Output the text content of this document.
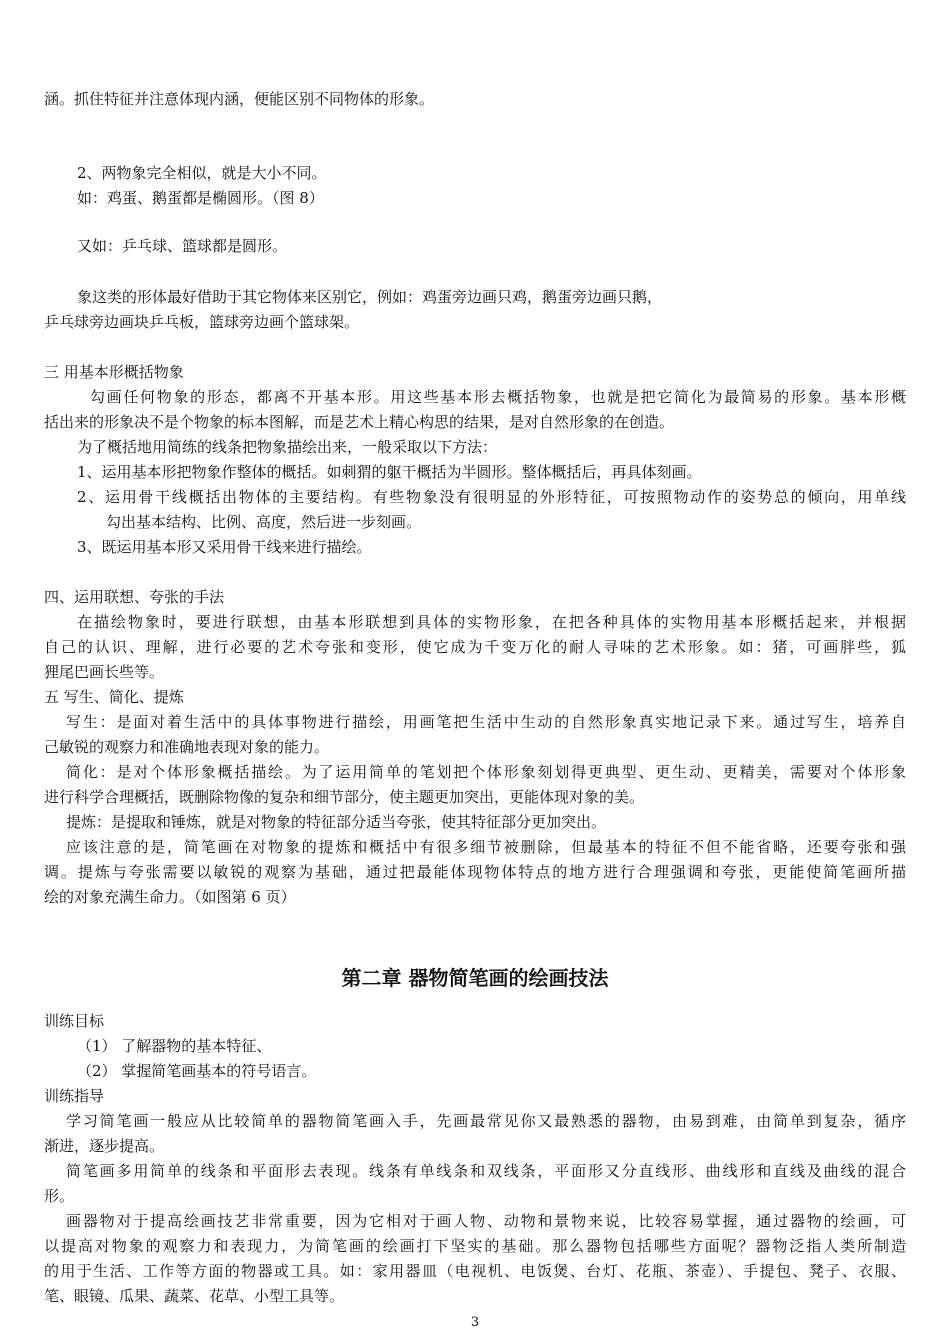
涵。抓住特征并注意体现内涵，便能区别不同物体的形象。
2、两物象完全相似，就是大小不同。
如：鸡蛋、鹅蛋都是椭圆形。（图 8）
又如：乒乓球、篮球都是圆形。
象这类的形体最好借助于其它物体来区别它，例如：鸡蛋旁边画只鸡，鹅蛋旁边画只鹅，
乒乓球旁边画块乒乓板，篮球旁边画个篮球架。
三 用基本形概括物象
勾画任何物象的形态，都离不开基本形。用这些基本形去概括物象，也就是把它简化为最简易的形象。基本形概
括出来的形象决不是个物象的标本图解，而是艺术上精心构思的结果，是对自然形象的在创造。
为了概括地用简练的线条把物象描绘出来，一般采取以下方法：
1、运用基本形把物象作整体的概括。如刺猬的躯干概括为半圆形。整体概括后，再具体刻画。
2、运用骨干线概括出物体的主要结构。有些物象没有很明显的外形特征，可按照物动作的姿势总的倾向，用单线
勾出基本结构、比例、高度，然后进一步刻画。
3、既运用基本形又采用骨干线来进行描绘。
四、运用联想、夸张的手法
在描绘物象时，要进行联想，由基本形联想到具体的实物形象，在把各种具体的实物用基本形概括起来，并根据
自己的认识、理解，进行必要的艺术夸张和变形，使它成为千变万化的耐人寻味的艺术形象。如：猪，可画胖些，狐
狸尾巴画长些等。
五 写生、简化、提炼
写生：是面对着生活中的具体事物进行描绘，用画笔把生活中生动的自然形象真实地记录下来。通过写生，培养自
己敏锐的观察力和准确地表现对象的能力。
简化：是对个体形象概括描绘。为了运用简单的笔划把个体形象刻划得更典型、更生动、更精美，需要对个体形象
进行科学合理概括，既删除物像的复杂和细节部分，使主题更加突出，更能体现对象的美。
提炼：是提取和锤炼，就是对物象的特征部分适当夸张，使其特征部分更加突出。
应该注意的是，简笔画在对物象的提炼和概括中有很多细节被删除，但最基本的特征不但不能省略，还要夸张和强
调。提炼与夸张需要以敏锐的观察为基础，通过把最能体现物体特点的地方进行合理强调和夸张，更能使简笔画所描
绘的对象充满生命力。（如图第 6 页）
第二章 器物简笔画的绘画技法
训练目标
（1） 了解器物的基本特征、
（2） 掌握简笔画基本的符号语言。
训练指导
学习简笔画一般应从比较简单的器物简笔画入手，先画最常见你又最熟悉的器物，由易到难，由简单到复杂，循序
渐进，逐步提高。
简笔画多用简单的线条和平面形去表现。线条有单线条和双线条，平面形又分直线形、曲线形和直线及曲线的混合
形。
画器物对于提高绘画技艺非常重要，因为它相对于画人物、动物和景物来说，比较容易掌握，通过器物的绘画，可
以提高对物象的观察力和表现力，为简笔画的绘画打下坚实的基础。那么器物包括哪些方面呢？器物泛指人类所制造
的用于生活、工作等方面的物器或工具。如：家用器皿（电视机、电饭煲、台灯、花瓶、茶壶）、手提包、凳子、衣服、
笔、眼镜、瓜果、蔬菜、花草、小型工具等。
3
